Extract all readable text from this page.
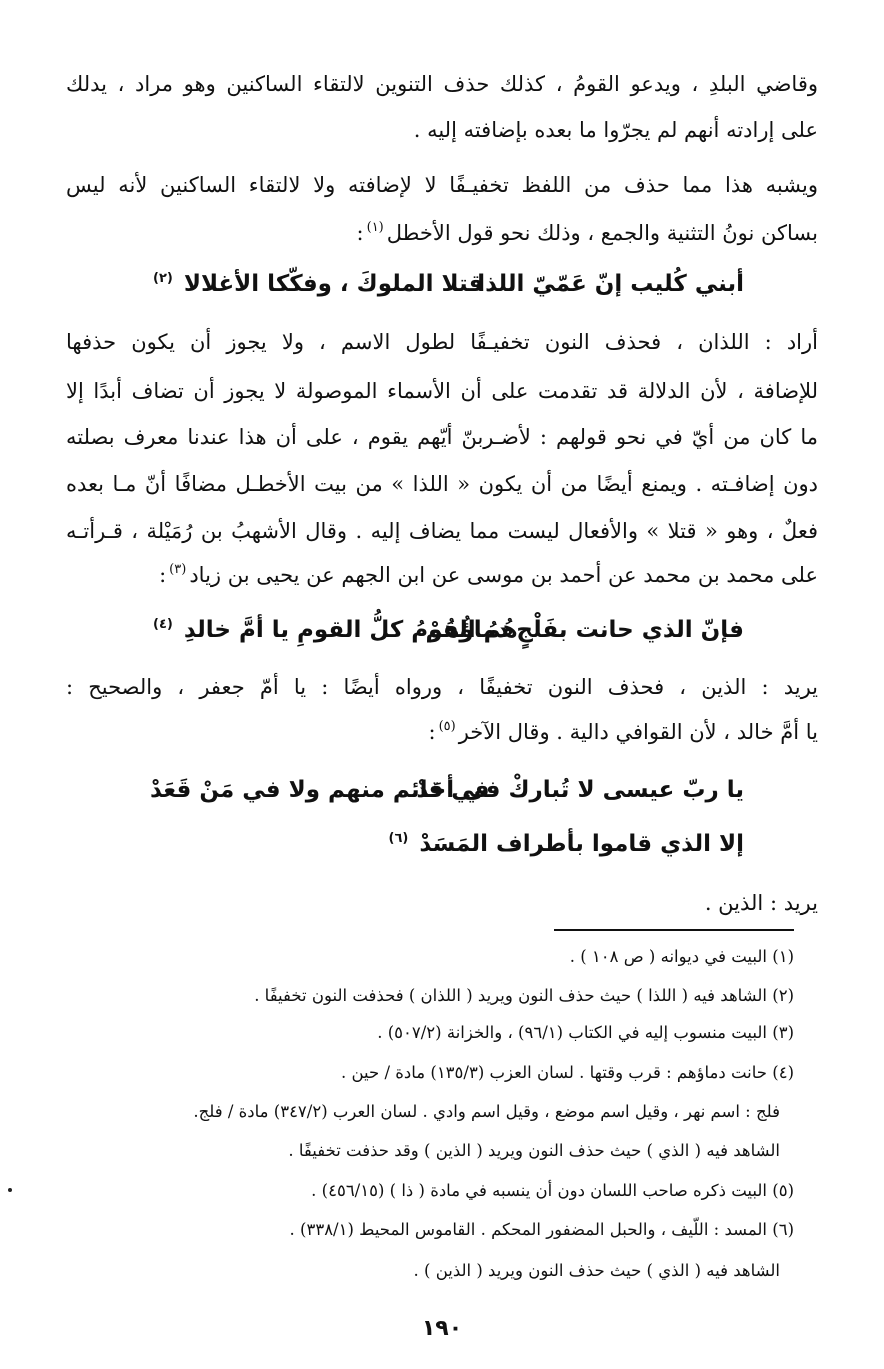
وقاضي البلدِ ، ويدعو القومُ ، كذلك حذف التنوين لالتقاء الساكنين وهو مراد ، يدلك
على إرادته أنهم لم يجرّوا ما بعده بإضافته إليه .
ويشبه هذا مما حذف من اللفظ تخفيـفًا لا لإضافته ولا لالتقاء الساكنين لأنه ليس
بساكن نونُ التثنية والجمع ، وذلك نحو قول الأخطل$^{(١)}$:
أبني كُليب إنّ عَمّيّ اللذا
قتلا الملوكَ ، وفكّكا الأغلالا $^{(٢)}$
أراد : اللذان ، فحذف النون تخفيـفًا لطول الاسم ، ولا يجوز أن يكون حذفها
للإضافة ، لأن الدلالة قد تقدمت على أن الأسماء الموصولة لا يجوز أن تضاف أبدًا إلا
ما كان من أيّ في نحو قولهم : لأضـربنّ أيّهم يقوم ، على أن هذا عندنا معرف بصلته
دون إضافـته . ويمنع أيضًا من أن يكون « اللذا » من بيت الأخطـل مضافًا أنّ مـا بعده
فعلٌ ، وهو « قتلا » والأفعال ليست مما يضاف إليه . وقال الأشهبُ بن رُمَيْلة ، قـرأتـه
على محمد بن محمد عن أحمد بن موسى عن ابن الجهم عن يحيى بن زياد$^{(٣)}$:
فإنّ الذي حانت بفَلْجٍ دماؤُهُمْ
هُمُ القومُ كلُّ القومِ يا أمَّ خالدِ $^{(٤)}$
يريد : الذين ، فحذف النون تخفيفًا ، ورواه أيضًا : يا أمّ جعفر ، والصحيح :
يا أمَّ خالد ، لأن القوافي دالية . وقال الآخر$^{(٥)}$:
يا ربّ عيسى لا تُباركْ في أحَدْ
في قائم منهم ولا في مَنْ قَعَدْ
إلا الذي قاموا بأطراف المَسَدْ $^{(٦)}$
يريد : الذين .
(١) البيت في ديوانه ( ص ١٠٨ ) .
(٢) الشاهد فيه ( اللذا ) حيث حذف النون ويريد ( اللذان ) فحذفت النون تخفيفًا .
(٣) البيت منسوب إليه في الكتاب (٩٦/١) ، والخزانة (٥٠٧/٢) .
(٤) حانت دماؤهم : قرب وقتها . لسان العزب (١٣٥/٣) مادة / حين .
فلج : اسم نهر ، وقيل اسم موضع ، وقيل اسم وادي . لسان العرب (٣٤٧/٢) مادة / فلج.
الشاهد فيه ( الذي ) حيث حذف النون ويريد ( الذين ) وقد حذفت تخفيفًا .
(٥) البيت ذكره صاحب اللسان دون أن ينسبه في مادة ( ذا ) (٤٥٦/١٥) .
(٦) المسد : اللّيف ، والحبل المضفور المحكم . القاموس المحيط (٣٣٨/١) .
الشاهد فيه ( الذي ) حيث حذف النون ويريد ( الذين ) .
١٩٠
